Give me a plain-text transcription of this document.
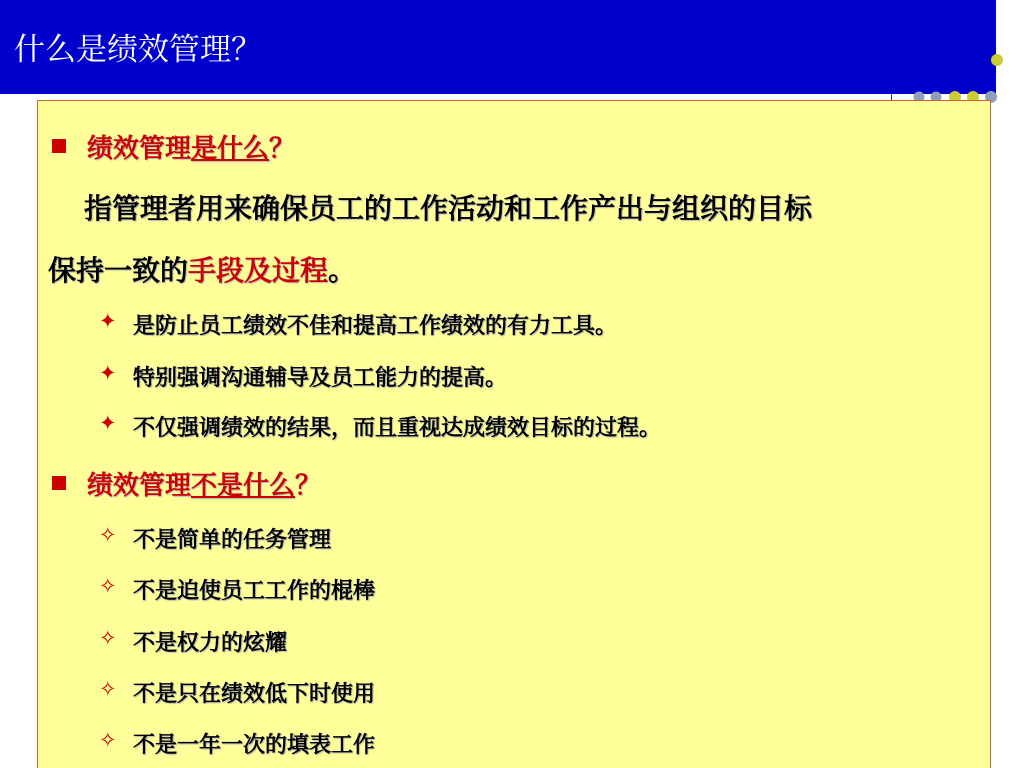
什么是绩效管理？
绩效管理是什么？
指管理者用来确保员工的工作活动和工作产出与组织的目标
保持一致的手段及过程。
✦ 是防止员工绩效不佳和提高工作绩效的有力工具。
✦ 特别强调沟通辅导及员工能力的提高。
✦ 不仅强调绩效的结果，而且重视达成绩效目标的过程。
绩效管理不是什么？
✧ 不是简单的任务管理
✧ 不是迫使员工工作的棍棒
✧ 不是权力的炫耀
✧ 不是只在绩效低下时使用
✧ 不是一年一次的填表工作
